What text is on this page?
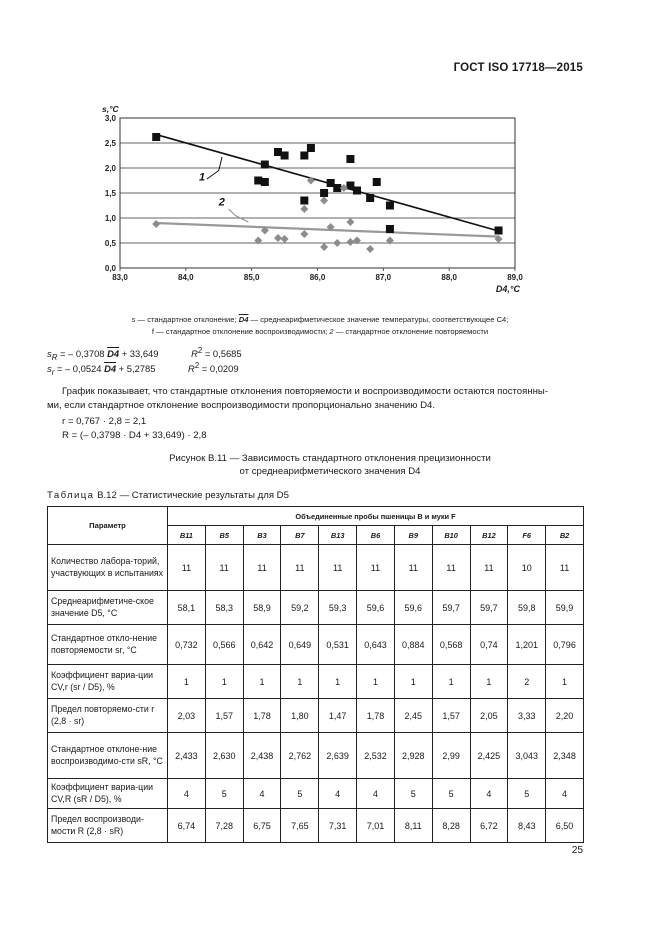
ГОСТ ISO 17718—2015
0,0
0,5
1,0
1,5
2,0
2,5
3,0
83,0	84,0	85,0	86,0	87,0	88,0	89,0
s,°C
D4,°C
1
2
s — стандартное отклонение; D4 — среднеарифметическое значение температуры, соответствующее С4;
f — стандартное отклонение воспроизводимости; 2 — стандартное отклонение повторяемости
$s_R$ = – 0,3708 D4 + 33,649	$R^2 = 0,5685$
$s_r$ = – 0,0524 D4 + 5,2785	$R^2 = 0,0209$
График показывает, что стандартные отклонения повторяемости и воспроизводимости остаются постоянны-
ми, если стандартное отклонение воспроизводимости пропорционально значению D4.
r = 0,767 · 2,8 = 2,1
R = (– 0,3798 · D4 + 33,649) · 2,8
Рисунок В.11 — Зависимость стандартного отклонения прецизионности
от среднеарифметического значения D4
Таблица В.12 — Статистические результаты для D5
Параметр	Объединенные пробы пшеницы В и муки F										
	B11	B5	B3	B7	B13	B6	B9	B10	B12	F6	B2
Количество лабора-торий, участвующих в испытаниях	11	11	11	11	11	11	11	11	11	10	11
Среднеарифметиче-ское значение D5, °С	58,1	58,3	58,9	59,2	59,3	59,6	59,6	59,7	59,7	59,8	59,9
Стандартное откло-нение повторяемости sr, °С	0,732	0,566	0,642	0,649	0,531	0,643	0,884	0,568	0,74	1,201	0,796
Коэффициент вариа-ции CV,r (sr / D5), %	1	1	1	1	1	1	1	1	1	2	1
Предел повторяемо-сти r (2,8 · sr)	2,03	1,57	1,78	1,80	1,47	1,78	2,45	1,57	2,05	3,33	2,20
Стандартное отклоне-ние воспроизводимо-сти sR, °С	2,433	2,630	2,438	2,762	2,639	2,532	2,928	2,99	2,425	3,043	2,348
Коэффициент вариа-ции CV,R (sR / D5), %	4	5	4	5	4	4	5	5	4	5	4
Предел воспроизводи-мости R (2,8 · sR)	6,74	7,28	6,75	7,65	7,31	7,01	8,11	8,28	6,72	8,43	6,50
25
